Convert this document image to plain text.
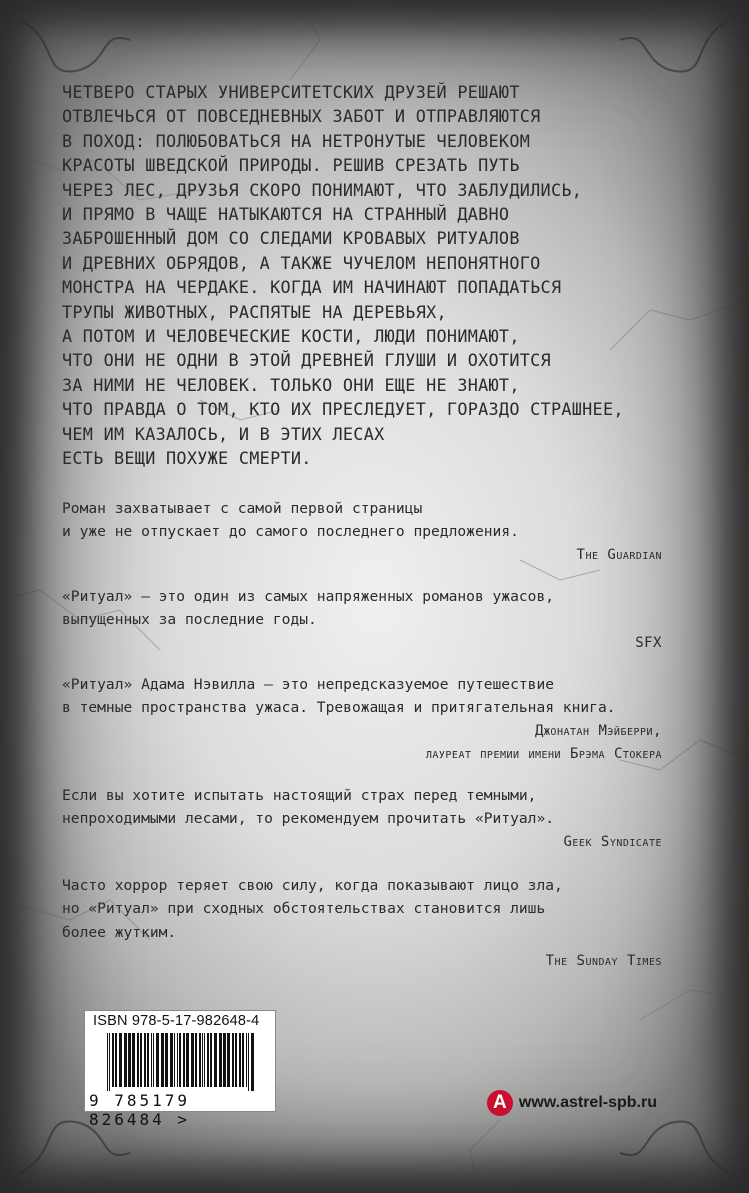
ЧЕТВЕРО СТАРЫХ УНИВЕРСИТЕТСКИХ ДРУЗЕЙ РЕШАЮТ
ОТВЛЕЧЬСЯ ОТ ПОВСЕДНЕВНЫХ ЗАБОТ И ОТПРАВЛЯЮТСЯ
В ПОХОД: ПОЛЮБОВАТЬСЯ НА НЕТРОНУТЫЕ ЧЕЛОВЕКОМ
КРАСОТЫ ШВЕДСКОЙ ПРИРОДЫ. РЕШИВ СРЕЗАТЬ ПУТЬ
ЧЕРЕЗ ЛЕС, ДРУЗЬЯ СКОРО ПОНИМАЮТ, ЧТО ЗАБЛУДИЛИСЬ,
И ПРЯМО В ЧАЩЕ НАТЫКАЮТСЯ НА СТРАННЫЙ ДАВНО
ЗАБРОШЕННЫЙ ДОМ СО СЛЕДАМИ КРОВАВЫХ РИТУАЛОВ
И ДРЕВНИХ ОБРЯДОВ, А ТАКЖЕ ЧУЧЕЛОМ НЕПОНЯТНОГО
МОНСТРА НА ЧЕРДАКЕ. КОГДА ИМ НАЧИНАЮТ ПОПАДАТЬСЯ
ТРУПЫ ЖИВОТНЫХ, РАСПЯТЫЕ НА ДЕРЕВЬЯХ,
А ПОТОМ И ЧЕЛОВЕЧЕСКИЕ КОСТИ, ЛЮДИ ПОНИМАЮТ,
ЧТО ОНИ НЕ ОДНИ В ЭТОЙ ДРЕВНЕЙ ГЛУШИ И ОХОТИТСЯ
ЗА НИМИ НЕ ЧЕЛОВЕК. ТОЛЬКО ОНИ ЕЩЕ НЕ ЗНАЮТ,
ЧТО ПРАВДА О ТОМ, КТО ИХ ПРЕСЛЕДУЕТ, ГОРАЗДО СТРАШНЕЕ,
ЧЕМ ИМ КАЗАЛОСЬ, И В ЭТИХ ЛЕСАХ
ЕСТЬ ВЕЩИ ПОХУЖЕ СМЕРТИ.
Роман захватывает с самой первой страницы
и уже не отпускает до самого последнего предложения.
The Guardian
«Ритуал» — это один из самых напряженных романов ужасов,
выпущенных за последние годы.
SFX
«Ритуал» Адама Нэвилла — это непредсказуемое путешествие
в темные пространства ужаса. Тревожащая и притягательная книга.
Джонатан Мэйберри,
лауреат премии имени Брэма Стокера
Если вы хотите испытать настоящий страх перед темными,
непроходимыми лесами, то рекомендуем прочитать «Ритуал».
Geek Syndicate
Часто хоррор теряет свою силу, когда показывают лицо зла,
но «Ритуал» при сходных обстоятельствах становится лишь
более жутким.
The Sunday Times
ISBN 978-5-17-982648-4
9 785179 826484 >
A www.astrel-spb.ru
